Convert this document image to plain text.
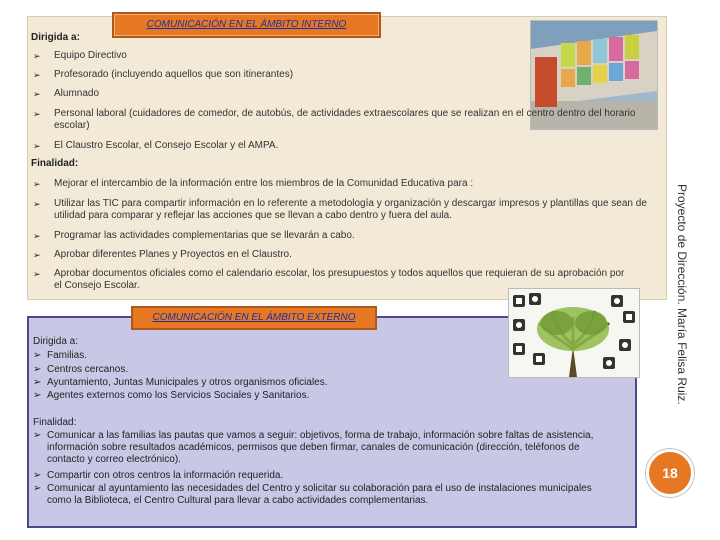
Dirigida a:
COMUNICACIÓN EN EL ÁMBITO INTERNO
➢ Equipo Directivo
➢ Profesorado (incluyendo aquellos que son itinerantes)
➢ Alumnado
➢ Personal laboral (cuidadores de comedor, de autobús, de actividades extraescolares que se realizan en el centro dentro del horario escolar)
➢ El Claustro Escolar, el Consejo Escolar y el AMPA.
Finalidad:
➢ Mejorar el intercambio de la información entre los miembros de la Comunidad Educativa para :
➢ Utilizar las TIC para compartir información en lo referente a metodología y organización y descargar impresos y plantillas que sean de utilidad para comparar y reflejar las acciones que se llevan a cabo dentro y fuera del aula.
➢ Programar las actividades complementarias que se llevarán a cabo.
➢ Aprobar diferentes Planes y Proyectos en el Claustro.
➢ Aprobar documentos oficiales como el calendario escolar, los presupuestos y todos aquellos que requieran de su aprobación por el Consejo Escolar.
COMUNICACIÓN EN EL ÁMBITO EXTERNO
Dirigida a:
➢ Familias.
➢ Centros cercanos.
➢ Ayuntamiento, Juntas Municipales y otros organismos oficiales.
➢ Agentes externos como los Servicios Sociales y Sanitarios.
Finalidad:
➢ Comunicar a las familias las pautas que vamos a seguir: objetivos, forma de trabajo, información sobre faltas de asistencia, información sobre resultados académicos, permisos que deben firmar, canales de comunicación (dirección, teléfonos de contacto y correo electrónico).
➢ Compartir con otros centros la información requerida.
➢ Comunicar al ayuntamiento las necesidades del Centro y solicitar su colaboración para el uso de instalaciones municipales como la Biblioteca, el Centro Cultural para llevar a cabo actividades complementarias.
Proyecto de Dirección. María Felisa Ruiz.
18
